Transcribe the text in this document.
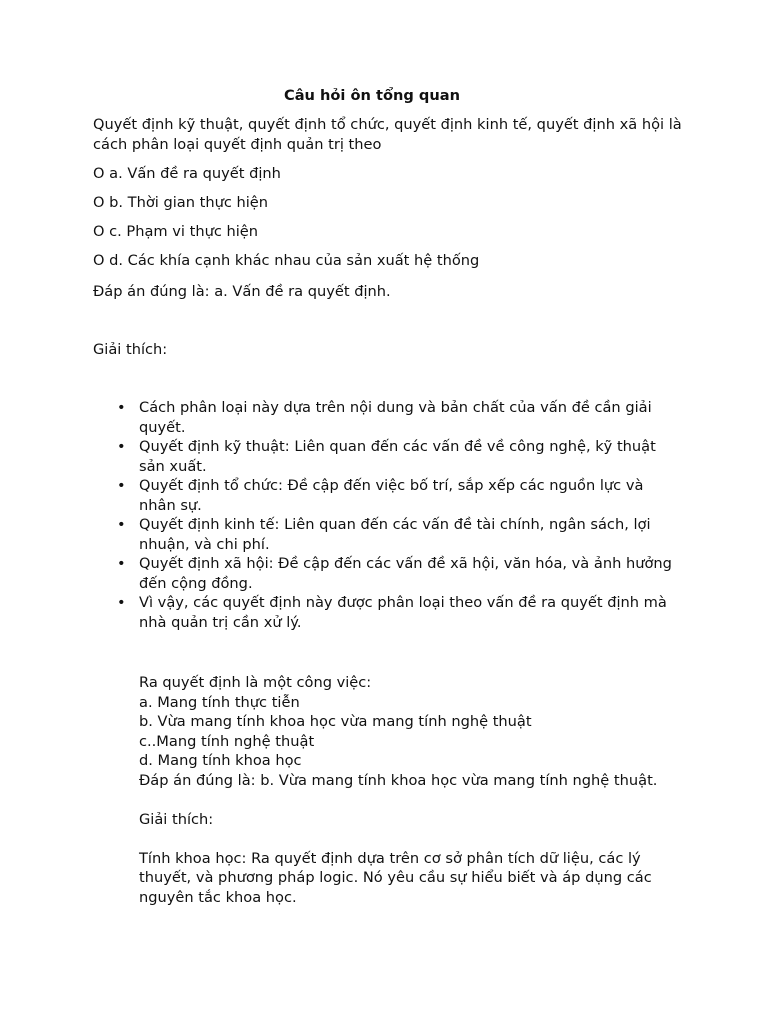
Câu hỏi ôn tổng quan
Quyết định kỹ thuật, quyết định tổ chức, quyết định kinh tế, quyết định xã hội là cách phân loại quyết định quản trị theo
O a. Vấn đề ra quyết định
O b. Thời gian thực hiện
O c. Phạm vi thực hiện
O d. Các khía cạnh khác nhau của sản xuất hệ thống
Đáp án đúng là: a. Vấn đề ra quyết định.
Giải thích:
• Cách phân loại này dựa trên nội dung và bản chất của vấn đề cần giải quyết.
• Quyết định kỹ thuật: Liên quan đến các vấn đề về công nghệ, kỹ thuật sản xuất.
• Quyết định tổ chức: Đề cập đến việc bố trí, sắp xếp các nguồn lực và nhân sự.
• Quyết định kinh tế: Liên quan đến các vấn đề tài chính, ngân sách, lợi nhuận, và chi phí.
• Quyết định xã hội: Đề cập đến các vấn đề xã hội, văn hóa, và ảnh hưởng đến cộng đồng.
• Vì vậy, các quyết định này được phân loại theo vấn đề ra quyết định mà nhà quản trị cần xử lý.
Ra quyết định là một công việc:
a. Mang tính thực tiễn
b. Vừa mang tính khoa học vừa mang tính nghệ thuật
c..Mang tính nghệ thuật
d. Mang tính khoa học
Đáp án đúng là: b. Vừa mang tính khoa học vừa mang tính nghệ thuật.
Giải thích:
Tính khoa học: Ra quyết định dựa trên cơ sở phân tích dữ liệu, các lý thuyết, và phương pháp logic. Nó yêu cầu sự hiểu biết và áp dụng các nguyên tắc khoa học.
